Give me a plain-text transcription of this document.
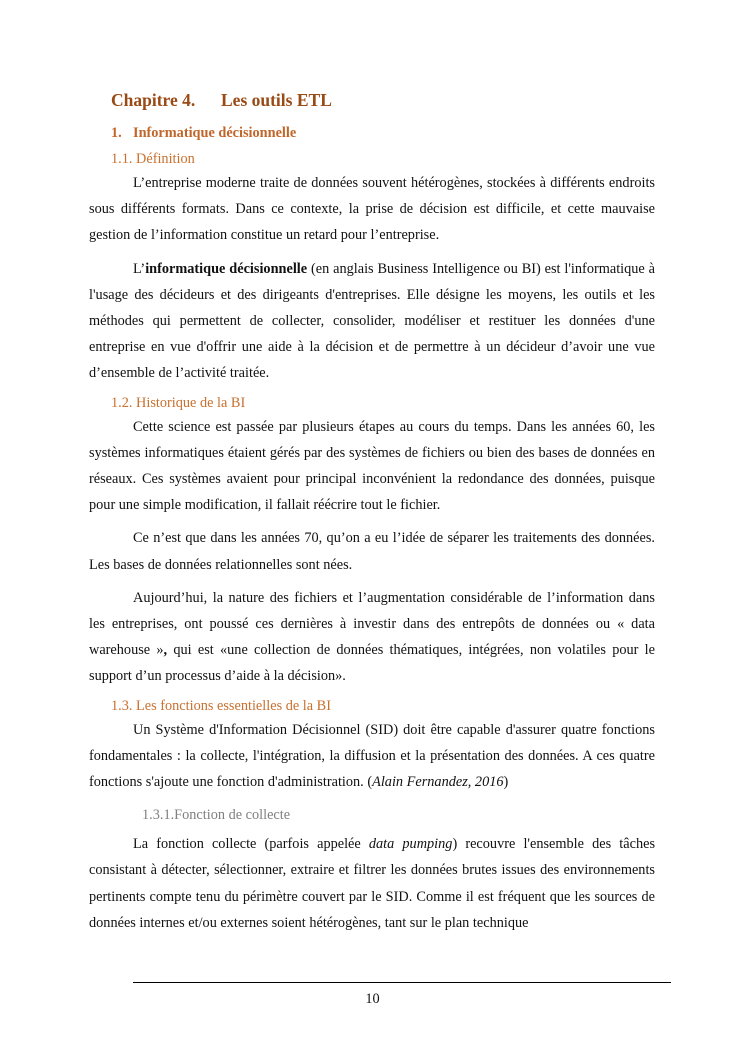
Chapitre 4. Les outils ETL
1. Informatique décisionnelle
1.1. Définition

L’entreprise moderne traite de données souvent hétérogènes, stockées à différents endroits sous différents formats. Dans ce contexte, la prise de décision est difficile, et cette mauvaise gestion de l’information constitue un retard pour l’entreprise.

L’informatique décisionnelle (en anglais Business Intelligence ou BI) est l'informatique à l'usage des décideurs et des dirigeants d'entreprises. Elle désigne les moyens, les outils et les méthodes qui permettent de collecter, consolider, modéliser et restituer les données d'une entreprise en vue d'offrir une aide à la décision et de permettre à un décideur d’avoir une vue d’ensemble de l’activité traitée.

1.2. Historique de la BI

Cette science est passée par plusieurs étapes au cours du temps. Dans les années 60, les systèmes informatiques étaient gérés par des systèmes de fichiers ou bien des bases de données en réseaux. Ces systèmes avaient pour principal inconvénient la redondance des données, puisque pour une simple modification, il fallait réécrire tout le fichier.

Ce n’est que dans les années 70, qu’on a eu l’idée de séparer les traitements des données. Les bases de données relationnelles sont nées.

Aujourd’hui, la nature des fichiers et l’augmentation considérable de l’information dans les entreprises, ont poussé ces dernières à investir dans des entrepôts de données ou « data warehouse », qui est «une collection de données thématiques, intégrées, non volatiles pour le support d’un processus d’aide à la décision».

1.3. Les fonctions essentielles de la BI

Un Système d'Information Décisionnel (SID) doit être capable d'assurer quatre fonctions fondamentales : la collecte, l'intégration, la diffusion et la présentation des données. A ces quatre fonctions s'ajoute une fonction d'administration. (Alain Fernandez, 2016)

1.3.1.Fonction de collecte

La fonction collecte (parfois appelée data pumping) recouvre l'ensemble des tâches consistant à détecter, sélectionner, extraire et filtrer les données brutes issues des environnements pertinents compte tenu du périmètre couvert par le SID. Comme il est fréquent que les sources de données internes et/ou externes soient hétérogènes, tant sur le plan technique

10
